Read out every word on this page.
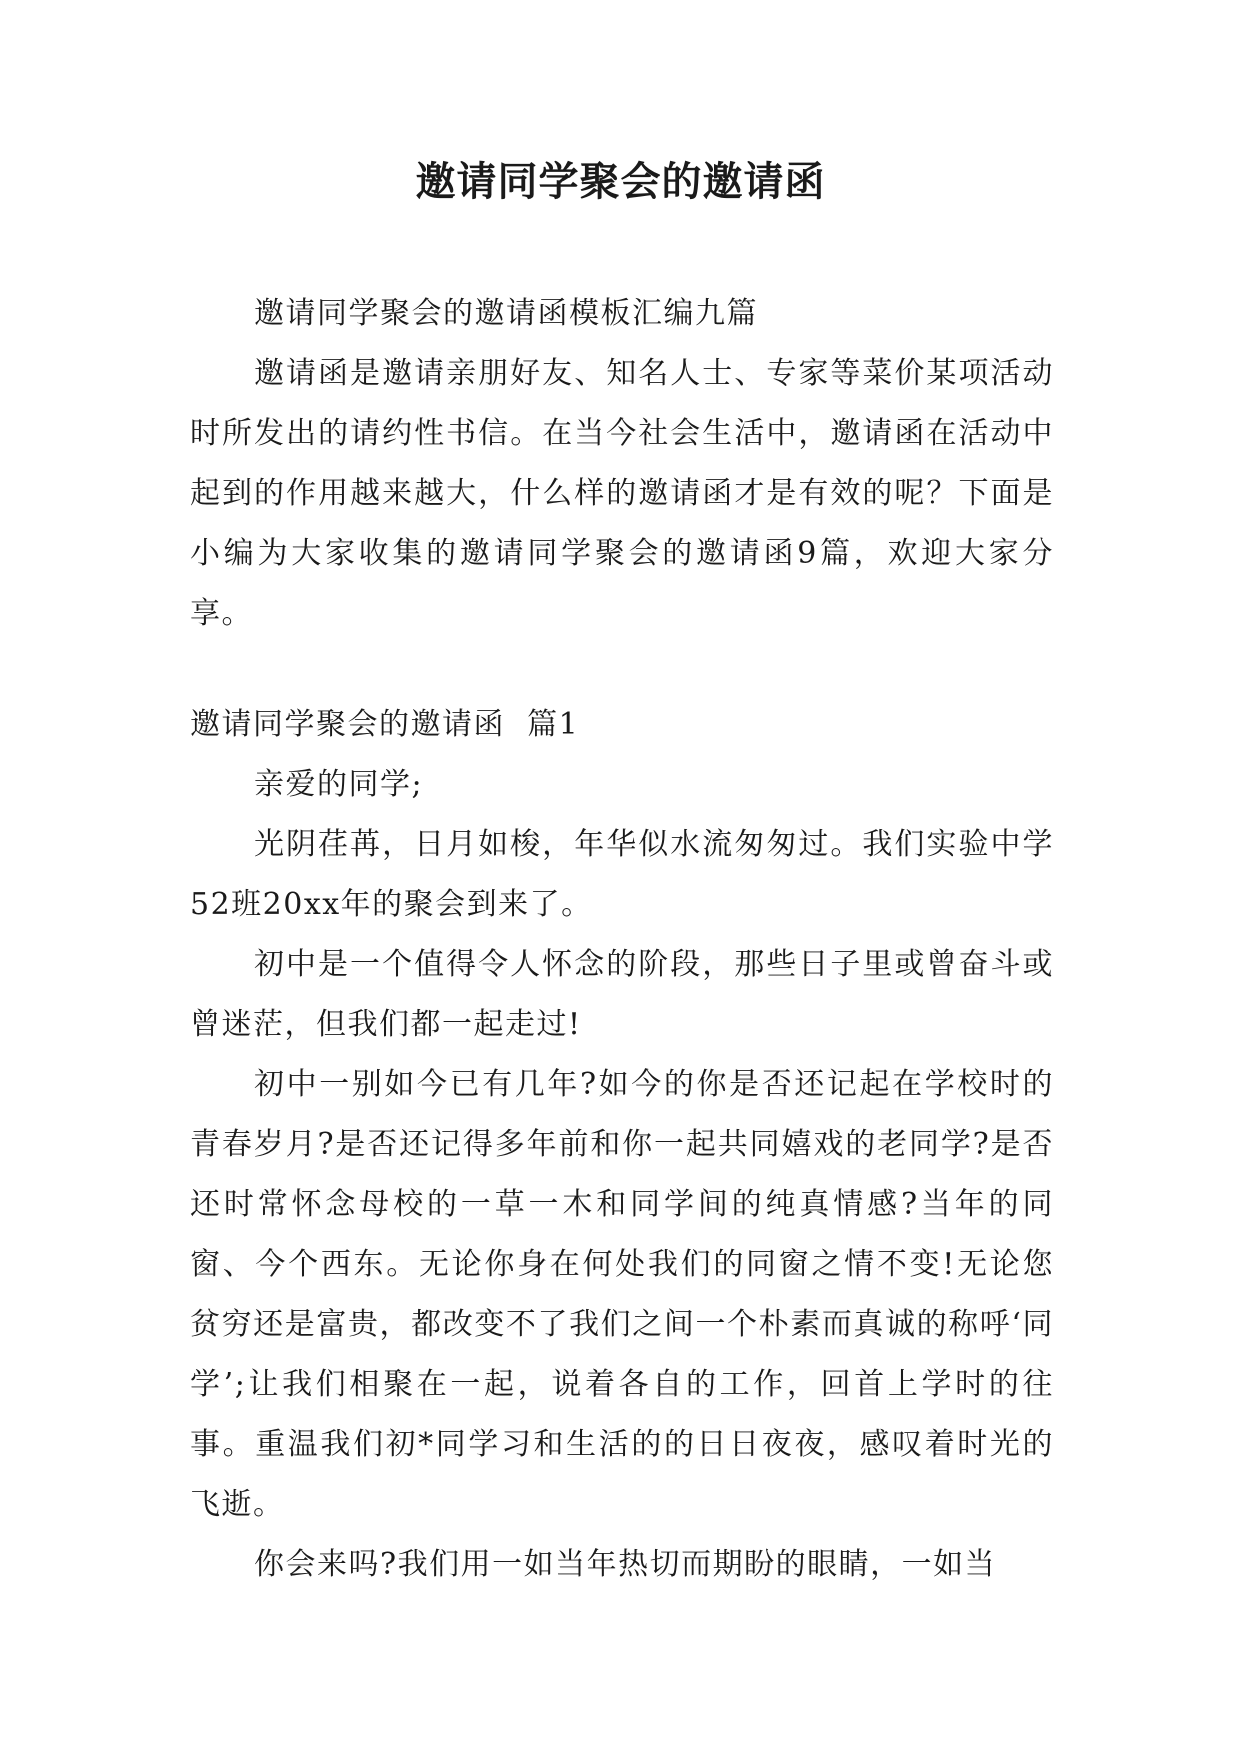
邀请同学聚会的邀请函

邀请同学聚会的邀请函模板汇编九篇

邀请函是邀请亲朋好友、知名人士、专家等菜价某项活动时所发出的请约性书信。在当今社会生活中，邀请函在活动中起到的作用越来越大，什么样的邀请函才是有效的呢？下面是小编为大家收集的邀请同学聚会的邀请函9篇，欢迎大家分享。

邀请同学聚会的邀请函  篇1

亲爱的同学;

光阴荏苒，日月如梭，年华似水流匆匆过。我们实验中学52班20xx年的聚会到来了。

初中是一个值得令人怀念的阶段，那些日子里或曾奋斗或曾迷茫，但我们都一起走过!

初中一别如今已有几年?如今的你是否还记起在学校时的青春岁月?是否还记得多年前和你一起共同嬉戏的老同学?是否还时常怀念母校的一草一木和同学间的纯真情感?当年的同窗、今个西东。无论你身在何处我们的同窗之情不变!无论您贫穷还是富贵，都改变不了我们之间一个朴素而真诚的称呼‘同学’;让我们相聚在一起，说着各自的工作，回首上学时的往事。重温我们初*同学习和生活的的日日夜夜，感叹着时光的飞逝。

你会来吗?我们用一如当年热切而期盼的眼睛，一如当
